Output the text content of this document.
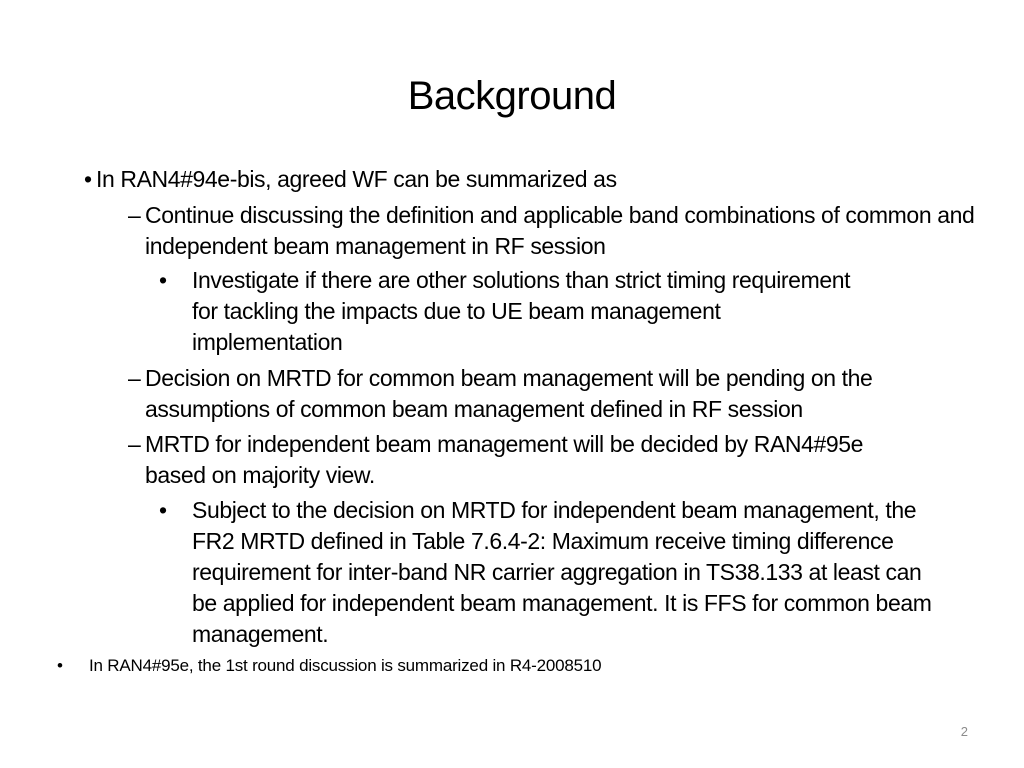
Background
• In RAN4#94e-bis, agreed WF can be summarized as
– Continue discussing the definition and applicable band combinations of common and independent beam management in RF session
• Investigate if there are other solutions than strict timing requirement for tackling the impacts due to UE beam management implementation
– Decision on MRTD for common beam management will be pending on the assumptions of common beam management defined in RF session
– MRTD for independent beam management will be decided by RAN4#95e based on majority view.
• Subject to the decision on MRTD for independent beam management, the FR2 MRTD defined in Table 7.6.4-2: Maximum receive timing difference requirement for inter-band NR carrier aggregation in TS38.133 at least can be applied for independent beam management. It is FFS for common beam management.
• In RAN4#95e, the 1st round discussion is summarized in R4-2008510
2
